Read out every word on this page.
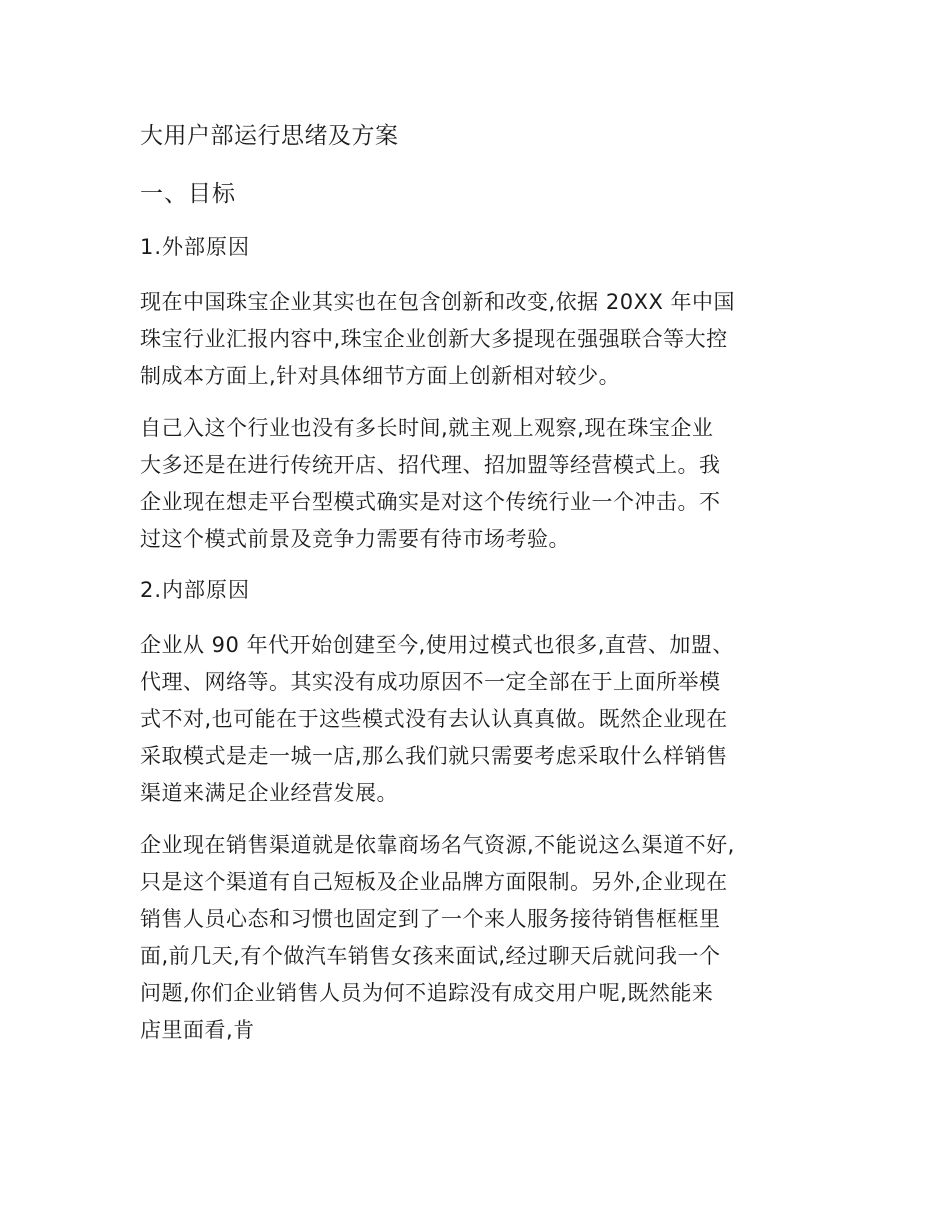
大用户部运行思绪及方案
一、目标
1.外部原因
现在中国珠宝企业其实也在包含创新和改变,依据 20XX 年中国
珠宝行业汇报内容中,珠宝企业创新大多提现在强强联合等大控
制成本方面上,针对具体细节方面上创新相对较少。
自己入这个行业也没有多长时间,就主观上观察,现在珠宝企业
大多还是在进行传统开店、招代理、招加盟等经营模式上。我
企业现在想走平台型模式确实是对这个传统行业一个冲击。不
过这个模式前景及竞争力需要有待市场考验。
2.内部原因
企业从 90 年代开始创建至今,使用过模式也很多,直营、加盟、
代理、网络等。其实没有成功原因不一定全部在于上面所举模
式不对,也可能在于这些模式没有去认认真真做。既然企业现在
采取模式是走一城一店,那么我们就只需要考虑采取什么样销售
渠道来满足企业经营发展。
企业现在销售渠道就是依靠商场名气资源,不能说这么渠道不好,
只是这个渠道有自己短板及企业品牌方面限制。另外,企业现在
销售人员心态和习惯也固定到了一个来人服务接待销售框框里
面,前几天,有个做汽车销售女孩来面试,经过聊天后就问我一个
问题,你们企业销售人员为何不追踪没有成交用户呢,既然能来
店里面看,肯
